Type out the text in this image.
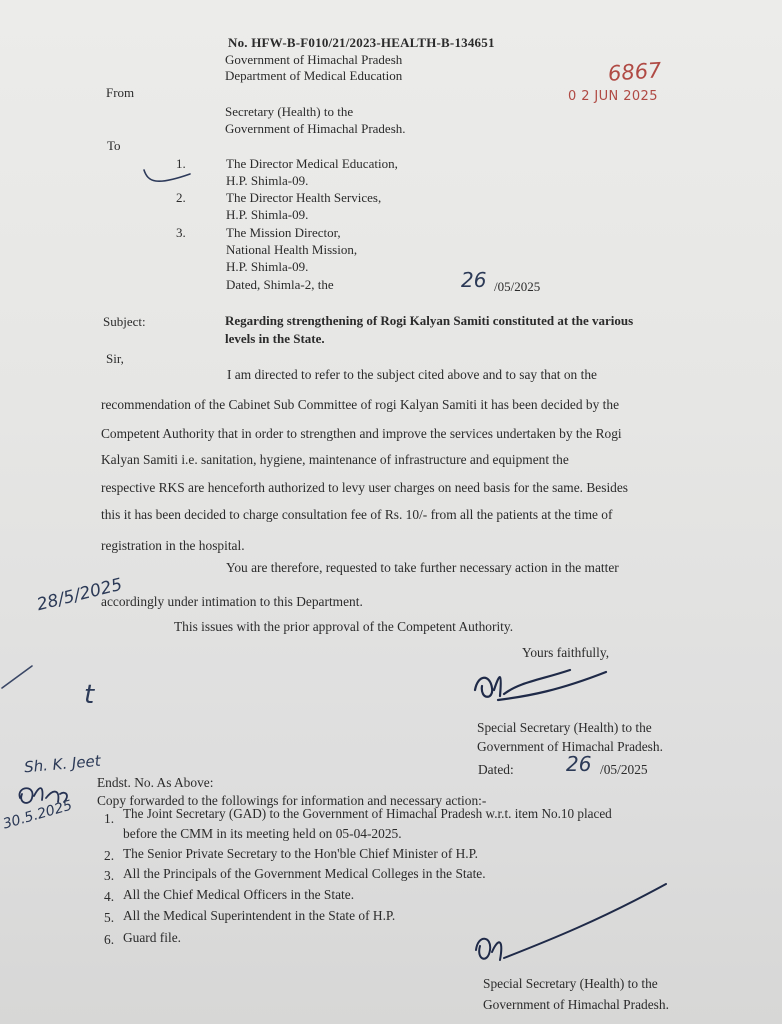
No. HFW-B-F010/21/2023-HEALTH-B-134651
Government of Himachal Pradesh
Department of Medical Education	6867
0 2 JUN 2025
From
Secretary (Health) to the
Government of Himachal Pradesh.
To
1.	The Director Medical Education,
H.P. Shimla-09.
2.	The Director Health Services,
H.P. Shimla-09.
3.	The Mission Director,
National Health Mission,
H.P. Shimla-09.
Dated, Shimla-2, the	26 /05/2025
Subject:	Regarding strengthening of Rogi Kalyan Samiti constituted at the various
levels in the State.
Sir,
I am directed to refer to the subject cited above and to say that on the
recommendation of the Cabinet Sub Committee of rogi Kalyan Samiti it has been decided by the
Competent Authority that in order to strengthen and improve the services undertaken by the Rogi
Kalyan Samiti i.e. sanitation, hygiene, maintenance of infrastructure and equipment the
respective RKS are henceforth authorized to levy user charges on need basis for the same. Besides
this it has been decided to charge consultation fee of Rs. 10/- from all the patients at the time of
registration in the hospital.
You are therefore, requested to take further necessary action in the matter
accordingly under intimation to this Department.
28/5/2025
This issues with the prior approval of the Competent Authority.
Yours faithfully,
Special Secretary (Health) to the
Government of Himachal Pradesh.
Dated:	26 /05/2025
t
Sh. K. Jeet
30.5.2025
Endst. No. As Above:
Copy forwarded to the followings for information and necessary action:-
1. The Joint Secretary (GAD) to the Government of Himachal Pradesh w.r.t. item No.10 placed
before the CMM in its meeting held on 05-04-2025.
2. The Senior Private Secretary to the Hon'ble Chief Minister of H.P.
3. All the Principals of the Government Medical Colleges in the State.
4. All the Chief Medical Officers in the State.
5. All the Medical Superintendent in the State of H.P.
6. Guard file.
Special Secretary (Health) to the
Government of Himachal Pradesh.
